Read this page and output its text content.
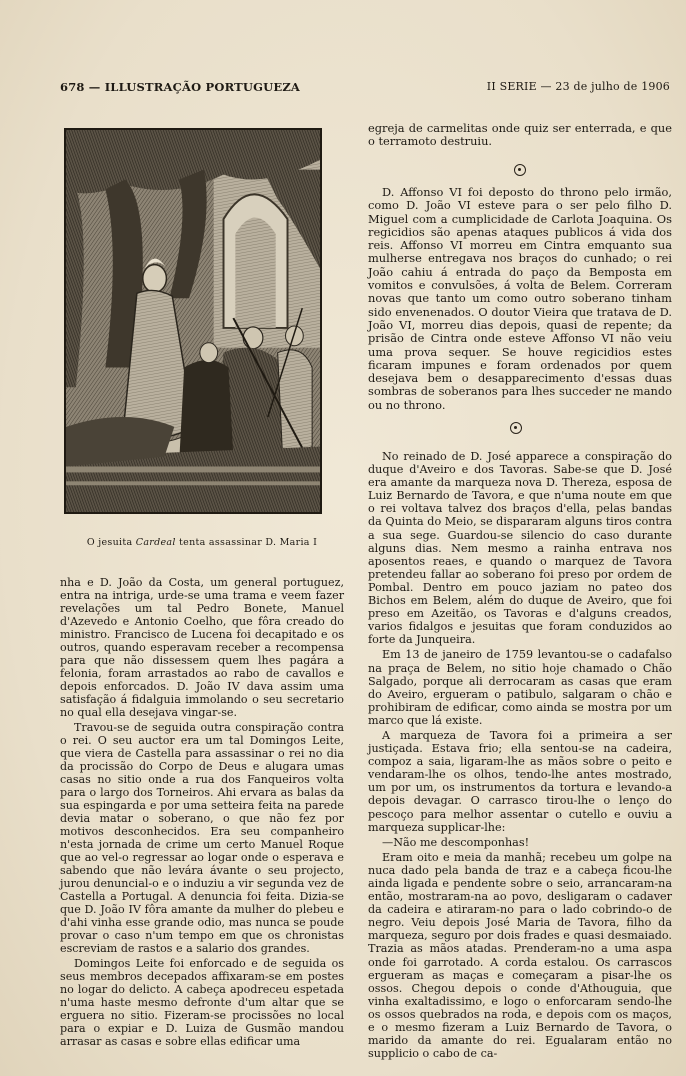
678 — ILLUSTRAÇÃO PORTUGUEZA	II SERIE — 23 de julho de 1906
O jesuita Cardeal tenta assassinar D. Maria I

nha e D. João da Costa, um general portuguez, entra na intriga, urde-se uma trama e veem fazer revelações um tal Pedro Bonete, Manuel d'Azevedo e Antonio Coelho, que fôra creado do ministro. Francisco de Lucena foi decapitado e os outros, quando esperavam receber a recompensa para que não dissessem quem lhes pagára a felonia, foram arrastados ao rabo de cavallos e depois enforcados. D. João IV dava assim uma satisfação á fidalguia immolando o seu secretario no qual ella desejava vingar-se.

Travou-se de seguida outra conspiração contra o rei. O seu auctor era um tal Domingos Leite, que viera de Castella para assassinar o rei no dia da procissão do Corpo de Deus e alugara umas casas no sitio onde a rua dos Fanqueiros volta para o largo dos Torneiros. Ahi ervara as balas da sua espingarda e por uma setteira feita na parede devia matar o soberano, o que não fez por motivos desconhecidos. Era seu companheiro n'esta jornada de crime um certo Manuel Roque que ao vel-o regressar ao logar onde o esperava e sabendo que não levára ávante o seu projecto, jurou denuncial-o e o induziu a vir segunda vez de Castella a Portugal. A denuncia foi feita. Dizia-se que D. João IV fôra amante da mulher do plebeu e d'ahi vinha esse grande odio, mas nunca se poude provar o caso n'um tempo em que os chronistas escreviam de rastos e a salario dos grandes.

Domingos Leite foi enforcado e de seguida os seus membros decepados affixaram-se em postes no logar do delicto. A cabeça apodreceu espetada n'uma haste mesmo defronte d'um altar que se erguera no sitio. Fizeram-se procissões no local para o expiar e D. Luiza de Gusmão mandou arrasar as casas e sobre ellas edificar uma

egreja de carmelitas onde quiz ser enterrada, e que o terramoto destruiu.

D. Affonso VI foi deposto do throno pelo irmão, como D. João VI esteve para o ser pelo filho D. Miguel com a cumplicidade de Carlota Joaquina. Os regicidios são apenas ataques publicos á vida dos reis. Affonso VI morreu em Cintra emquanto sua mulherse entregava nos braços do cunhado; o rei João cahiu á entrada do paço da Bemposta em vomitos e convulsões, á volta de Belem. Correram novas que tanto um como outro soberano tinham sido envenenados. O doutor Vieira que tratava de D. João VI, morreu dias depois, quasi de repente; da prisão de Cintra onde esteve Affonso VI não veiu uma prova sequer. Se houve regicidios estes ficaram impunes e foram ordenados por quem desejava bem o desapparecimento d'essas duas sombras de soberanos para lhes succeder ne mando ou no throno.

No reinado de D. José apparece a conspiração do duque d'Aveiro e dos Tavoras. Sabe-se que D. José era amante da marqueza nova D. Thereza, esposa de Luiz Bernardo de Tavora, e que n'uma noute em que o rei voltava talvez dos braços d'ella, pelas bandas da Quinta do Meio, se dispararam alguns tiros contra a sua sege. Guardou-se silencio do caso durante alguns dias. Nem mesmo a rainha entrava nos aposentos reaes, e quando o marquez de Tavora pretendeu fallar ao soberano foi preso por ordem de Pombal. Dentro em pouco jaziam no pateo dos Bichos em Belem, além do duque de Aveiro, que foi preso em Azeitão, os Tavoras e d'alguns creados, varios fidalgos e jesuitas que foram conduzidos ao forte da Junqueira.

Em 13 de janeiro de 1759 levantou-se o cadafalso na praça de Belem, no sitio hoje chamado o Chão Salgado, porque ali derrocaram as casas que eram do Aveiro, ergueram o patibulo, salgaram o chão e prohibiram de edificar, como ainda se mostra por um marco que lá existe.

A marqueza de Tavora foi a primeira a ser justiçada. Estava frio; ella sentou-se na cadeira, compoz a saia, ligaram-lhe as mãos sobre o peito e vendaram-lhe os olhos, tendo-lhe antes mostrado, um por um, os instrumentos da tortura e levando-a depois devagar. O carrasco tirou-lhe o lenço do pescoço para melhor assentar o cutello e ouviu a marqueza supplicar-lhe:

—Não me descomponhas!

Eram oito e meia da manhã; recebeu um golpe na nuca dado pela banda de traz e a cabeça ficou-lhe ainda ligada e pendente sobre o seio, arrancaram-na então, mostraram-na ao povo, desligaram o cadaver da cadeira e atiraram-no para o lado cobrindo-o de negro. Veiu depois José Maria de Tavora, filho da marqueza, seguro por dois frades e quasi desmaiado. Trazia as mãos atadas. Prenderam-no a uma aspa onde foi garrotado. A corda estalou. Os carrascos ergueram as maças e começaram a pisar-lhe os ossos. Chegou depois o conde d'Athouguia, que vinha exaltadissimo, e logo o enforcaram sendo-lhe os ossos quebrados na roda, e depois com os maços, e o mesmo fizeram a Luiz Bernardo de Tavora, o marido da amante do rei. Egualaram então no supplicio o cabo de ca-
